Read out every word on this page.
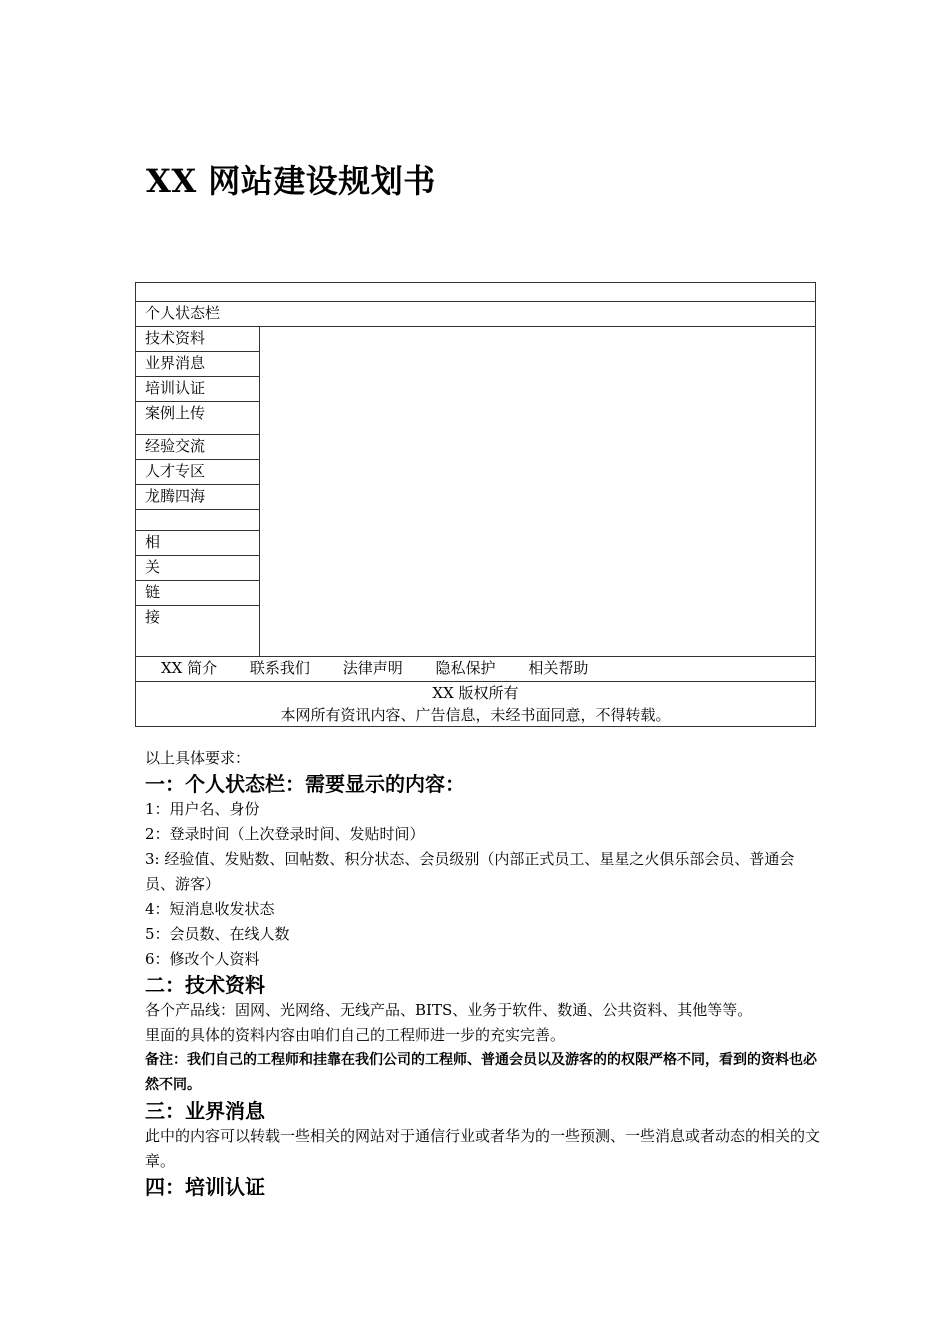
XX 网站建设规划书

个人状态栏
技术资料	
业界消息
培训认证
案例上传
经验交流
人才专区
龙腾四海

相
关
链
接
XX 简介 联系我们 法律声明 隐私保护 相关帮助

XX 版权所有
本网所有资讯内容、广告信息，未经书面同意，不得转载。
以上具体要求：
一：个人状态栏：需要显示的内容：
1：用户名、身份
2：登录时间（上次登录时间、发贴时间）
3: 经验值、发贴数、回帖数、积分状态、会员级别（内部正式员工、星星之火俱乐部会员、普通会员、游客）
4：短消息收发状态
5：会员数、在线人数
6：修改个人资料
二：技术资料
各个产品线：固网、光网络、无线产品、BITS、业务于软件、数通、公共资料、其他等等。
里面的具体的资料内容由咱们自己的工程师进一步的充实完善。
备注：我们自己的工程师和挂靠在我们公司的工程师、普通会员以及游客的的权限严格不同，看到的资料也必然不同。
三：业界消息
此中的内容可以转载一些相关的网站对于通信行业或者华为的一些预测、一些消息或者动态的相关的文章。
四：培训认证
